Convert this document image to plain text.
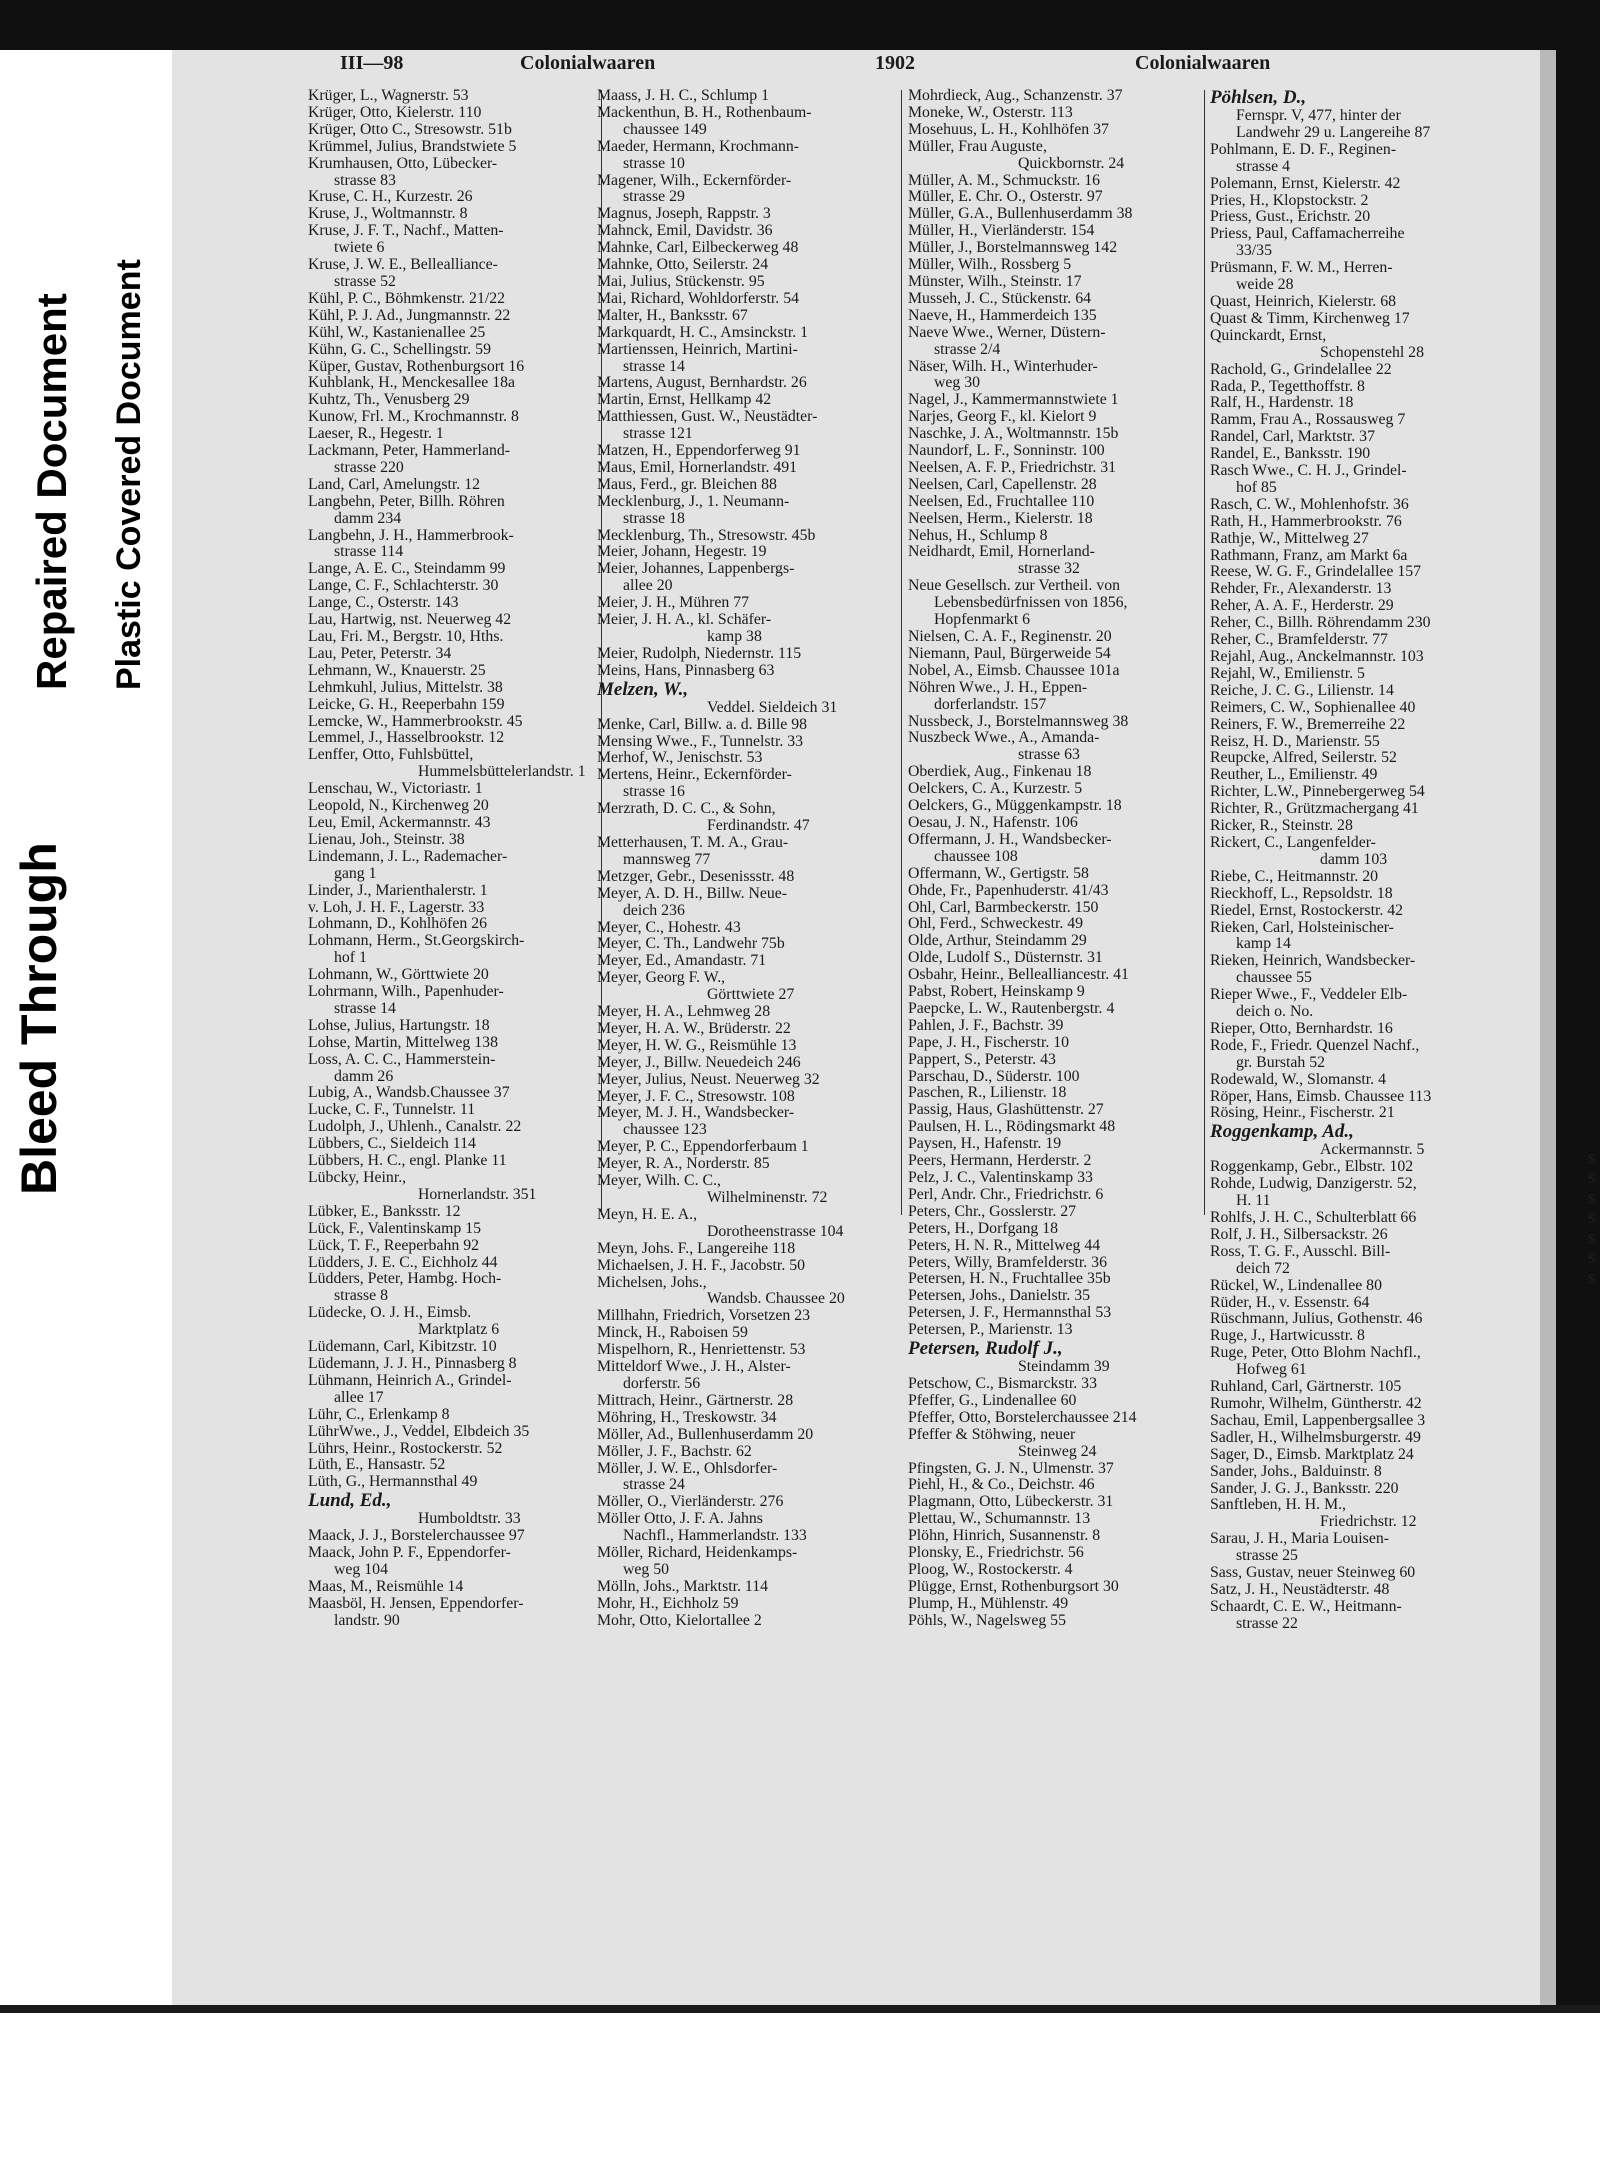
Bleed Through
Repaired Document Plastic Covered Document
III—98	Colonialwaaren	1902	Colonialwaaren
Krüger, L., Wagnerstr. 53
Krüger, Otto, Kielerstr. 110
Krüger, Otto C., Stresowstr. 51b
Krümmel, Julius, Brandstwiete 5
Krumhausen, Otto, Lübecker-
strasse 83
Kruse, C. H., Kurzestr. 26
Kruse, J., Woltmannstr. 8
Kruse, J. F. T., Nachf., Matten-
twiete 6
Kruse, J. W. E., Bellealliance-
strasse 52
Kühl, P. C., Böhmkenstr. 21/22
Kühl, P. J. Ad., Jungmannstr. 22
Kühl, W., Kastanienallee 25
Kühn, G. C., Schellingstr. 59
Küper, Gustav, Rothenburgsort 16
Kuhblank, H., Menckesallee 18a
Kuhtz, Th., Venusberg 29
Kunow, Frl. M., Krochmannstr. 8
Laeser, R., Hegestr. 1
Lackmann, Peter, Hammerland-
strasse 220
Land, Carl, Amelungstr. 12
Langbehn, Peter, Billh. Röhren
damm 234
Langbehn, J. H., Hammerbrook-
strasse 114
Lange, A. E. C., Steindamm 99
Lange, C. F., Schlachterstr. 30
Lange, C., Osterstr. 143
Lau, Hartwig, nst. Neuerweg 42
Lau, Fri. M., Bergstr. 10, Hths.
Lau, Peter, Peterstr. 34
Lehmann, W., Knauerstr. 25
Lehmkuhl, Julius, Mittelstr. 38
Leicke, G. H., Reeperbahn 159
Lemcke, W., Hammerbrookstr. 45
Lemmel, J., Hasselbrookstr. 12
Lenffer, Otto, Fuhlsbüttel,
Hummelsbüttelerlandstr. 1
Lenschau, W., Victoriastr. 1
Leopold, N., Kirchenweg 20
Leu, Emil, Ackermannstr. 43
Lienau, Joh., Steinstr. 38
Lindemann, J. L., Rademacher-
gang 1
Linder, J., Marienthalerstr. 1
v. Loh, J. H. F., Lagerstr. 33
Lohmann, D., Kohlhöfen 26
Lohmann, Herm., St.Georgskirch-
hof 1
Lohmann, W., Görttwiete 20
Lohrmann, Wilh., Papenhuder-
strasse 14
Lohse, Julius, Hartungstr. 18
Lohse, Martin, Mittelweg 138
Loss, A. C. C., Hammerstein-
damm 26
Lubig, A., Wandsb.Chaussee 37
Lucke, C. F., Tunnelstr. 11
Ludolph, J., Uhlenh., Canalstr. 22
Lübbers, C., Sieldeich 114
Lübbers, H. C., engl. Planke 11
Lübcky, Heinr.,
Hornerlandstr. 351
Lübker, E., Banksstr. 12
Lück, F., Valentinskamp 15
Lück, T. F., Reeperbahn 92
Lüdders, J. E. C., Eichholz 44
Lüdders, Peter, Hambg. Hoch-
strasse 8
Lüdecke, O. J. H., Eimsb.
Marktplatz 6
Lüdemann, Carl, Kibitzstr. 10
Lüdemann, J. J. H., Pinnasberg 8
Lühmann, Heinrich A., Grindel-
allee 17
Lühr, C., Erlenkamp 8
LührWwe., J., Veddel, Elbdeich 35
Lührs, Heinr., Rostockerstr. 52
Lüth, E., Hansastr. 52
Lüth, G., Hermannsthal 49
Lund, Ed.,
Humboldtstr. 33
Maack, J. J., Borstelerchaussee 97
Maack, John P. F., Eppendorfer-
weg 104
Maas, M., Reismühle 14
Maasböl, H. Jensen, Eppendorfer-
landstr. 90
Maass, J. H. C., Schlump 1
Mackenthun, B. H., Rothenbaum-
chaussee 149
Maeder, Hermann, Krochmann-
strasse 10
Magener, Wilh., Eckernförder-
strasse 29
Magnus, Joseph, Rappstr. 3
Mahnck, Emil, Davidstr. 36
Mahnke, Carl, Eilbeckerweg 48
Mahnke, Otto, Seilerstr. 24
Mai, Julius, Stückenstr. 95
Mai, Richard, Wohldorferstr. 54
Malter, H., Banksstr. 67
Markquardt, H. C., Amsinckstr. 1
Martienssen, Heinrich, Martini-
strasse 14
Martens, August, Bernhardstr. 26
Martin, Ernst, Hellkamp 42
Matthiessen, Gust. W., Neustädter-
strasse 121
Matzen, H., Eppendorferweg 91
Maus, Emil, Hornerlandstr. 491
Maus, Ferd., gr. Bleichen 88
Mecklenburg, J., 1. Neumann-
strasse 18
Mecklenburg, Th., Stresowstr. 45b
Meier, Johann, Hegestr. 19
Meier, Johannes, Lappenbergs-
allee 20
Meier, J. H., Mühren 77
Meier, J. H. A., kl. Schäfer-
kamp 38
Meier, Rudolph, Niedernstr. 115
Meins, Hans, Pinnasberg 63
Melzen, W.,
Veddel. Sieldeich 31
Menke, Carl, Billw. a. d. Bille 98
Mensing Wwe., F., Tunnelstr. 33
Merhof, W., Jenischstr. 53
Mertens, Heinr., Eckernförder-
strasse 16
Merzrath, D. C. C., & Sohn,
Ferdinandstr. 47
Metterhausen, T. M. A., Grau-
mannsweg 77
Metzger, Gebr., Desenissstr. 48
Meyer, A. D. H., Billw. Neue-
deich 236
Meyer, C., Hohestr. 43
Meyer, C. Th., Landwehr 75b
Meyer, Ed., Amandastr. 71
Meyer, Georg F. W.,
Görttwiete 27
Meyer, H. A., Lehmweg 28
Meyer, H. A. W., Brüderstr. 22
Meyer, H. W. G., Reismühle 13
Meyer, J., Billw. Neuedeich 246
Meyer, Julius, Neust. Neuerweg 32
Meyer, J. F. C., Stresowstr. 108
Meyer, M. J. H., Wandsbecker-
chaussee 123
Meyer, P. C., Eppendorferbaum 1
Meyer, R. A., Norderstr. 85
Meyer, Wilh. C. C.,
Wilhelminenstr. 72
Meyn, H. E. A.,
Dorotheenstrasse 104
Meyn, Johs. F., Langereihe 118
Michaelsen, J. H. F., Jacobstr. 50
Michelsen, Johs.,
Wandsb. Chaussee 20
Millhahn, Friedrich, Vorsetzen 23
Minck, H., Raboisen 59
Mispelhorn, R., Henriettenstr. 53
Mitteldorf Wwe., J. H., Alster-
dorferstr. 56
Mittrach, Heinr., Gärtnerstr. 28
Möhring, H., Treskowstr. 34
Möller, Ad., Bullenhuserdamm 20
Möller, J. F., Bachstr. 62
Möller, J. W. E., Ohlsdorfer-
strasse 24
Möller, O., Vierländerstr. 276
Möller Otto, J. F. A. Jahns
Nachfl., Hammerlandstr. 133
Möller, Richard, Heidenkamps-
weg 50
Mölln, Johs., Marktstr. 114
Mohr, H., Eichholz 59
Mohr, Otto, Kielortallee 2
Mohrdieck, Aug., Schanzenstr. 37
Moneke, W., Osterstr. 113
Mosehuus, L. H., Kohlhöfen 37
Müller, Frau Auguste,
Quickbornstr. 24
Müller, A. M., Schmuckstr. 16
Müller, E. Chr. O., Osterstr. 97
Müller, G.A., Bullenhuserdamm 38
Müller, H., Vierländerstr. 154
Müller, J., Borstelmannsweg 142
Müller, Wilh., Rossberg 5
Münster, Wilh., Steinstr. 17
Musseh, J. C., Stückenstr. 64
Naeve, H., Hammerdeich 135
Naeve Wwe., Werner, Düstern-
strasse 2/4
Näser, Wilh. H., Winterhuder-
weg 30
Nagel, J., Kammermannstwiete 1
Narjes, Georg F., kl. Kielort 9
Naschke, J. A., Woltmannstr. 15b
Naundorf, L. F., Sonninstr. 100
Neelsen, A. F. P., Friedrichstr. 31
Neelsen, Carl, Capellenstr. 28
Neelsen, Ed., Fruchtallee 110
Neelsen, Herm., Kielerstr. 18
Nehus, H., Schlump 8
Neidhardt, Emil, Hornerland-
strasse 32
Neue Gesellsch. zur Vertheil. von
Lebensbedürfnissen von 1856,
Hopfenmarkt 6
Nielsen, C. A. F., Reginenstr. 20
Niemann, Paul, Bürgerweide 54
Nobel, A., Eimsb. Chaussee 101a
Nöhren Wwe., J. H., Eppen-
dorferlandstr. 157
Nussbeck, J., Borstelmannsweg 38
Nuszbeck Wwe., A., Amanda-
strasse 63
Oberdiek, Aug., Finkenau 18
Oelckers, C. A., Kurzestr. 5
Oelckers, G., Müggenkampstr. 18
Oesau, J. N., Hafenstr. 106
Offermann, J. H., Wandsbecker-
chaussee 108
Offermann, W., Gertigstr. 58
Ohde, Fr., Papenhuderstr. 41/43
Ohl, Carl, Barmbeckerstr. 150
Ohl, Ferd., Schweckestr. 49
Olde, Arthur, Steindamm 29
Olde, Ludolf S., Düsternstr. 31
Osbahr, Heinr., Bellealliancestr. 41
Pabst, Robert, Heinskamp 9
Paepcke, L. W., Rautenbergstr. 4
Pahlen, J. F., Bachstr. 39
Pape, J. H., Fischerstr. 10
Pappert, S., Peterstr. 43
Parschau, D., Süderstr. 100
Paschen, R., Lilienstr. 18
Passig, Haus, Glashüttenstr. 27
Paulsen, H. L., Rödingsmarkt 48
Paysen, H., Hafenstr. 19
Peers, Hermann, Herderstr. 2
Pelz, J. C., Valentinskamp 33
Perl, Andr. Chr., Friedrichstr. 6
Peters, Chr., Gosslerstr. 27
Peters, H., Dorfgang 18
Peters, H. N. R., Mittelweg 44
Peters, Willy, Bramfelderstr. 36
Petersen, H. N., Fruchtallee 35b
Petersen, Johs., Danielstr. 35
Petersen, J. F., Hermannsthal 53
Petersen, P., Marienstr. 13
Petersen, Rudolf J.,
Steindamm 39
Petschow, C., Bismarckstr. 33
Pfeffer, G., Lindenallee 60
Pfeffer, Otto, Borstelerchaussee 214
Pfeffer & Stöhwing, neuer
Steinweg 24
Pfingsten, G. J. N., Ulmenstr. 37
Piehl, H., & Co., Deichstr. 46
Plagmann, Otto, Lübeckerstr. 31
Plettau, W., Schumannstr. 13
Plöhn, Hinrich, Susannenstr. 8
Plonsky, E., Friedrichstr. 56
Ploog, W., Rostockerstr. 4
Plügge, Ernst, Rothenburgsort 30
Plump, H., Mühlenstr. 49
Pöhls, W., Nagelsweg 55
Pöhlsen, D.,
Fernspr. V, 477, hinter der
Landwehr 29 u. Langereihe 87
Pohlmann, E. D. F., Reginen-
strasse 4
Polemann, Ernst, Kielerstr. 42
Pries, H., Klopstockstr. 2
Priess, Gust., Erichstr. 20
Priess, Paul, Caffamacherreihe
33/35
Prüsmann, F. W. M., Herren-
weide 28
Quast, Heinrich, Kielerstr. 68
Quast & Timm, Kirchenweg 17
Quinckardt, Ernst,
Schopenstehl 28
Rachold, G., Grindelallee 22
Rada, P., Tegetthoffstr. 8
Ralf, H., Hardenstr. 18
Ramm, Frau A., Rossausweg 7
Randel, Carl, Marktstr. 37
Randel, E., Banksstr. 190
Rasch Wwe., C. H. J., Grindel-
hof 85
Rasch, C. W., Mohlenhofstr. 36
Rath, H., Hammerbrookstr. 76
Rathje, W., Mittelweg 27
Rathmann, Franz, am Markt 6a
Reese, W. G. F., Grindelallee 157
Rehder, Fr., Alexanderstr. 13
Reher, A. A. F., Herderstr. 29
Reher, C., Billh. Röhrendamm 230
Reher, C., Bramfelderstr. 77
Rejahl, Aug., Anckelmannstr. 103
Rejahl, W., Emilienstr. 5
Reiche, J. C. G., Lilienstr. 14
Reimers, C. W., Sophienallee 40
Reiners, F. W., Bremerreihe 22
Reisz, H. D., Marienstr. 55
Reupcke, Alfred, Seilerstr. 52
Reuther, L., Emilienstr. 49
Richter, L.W., Pinnebergerweg 54
Richter, R., Grützmachergang 41
Ricker, R., Steinstr. 28
Rickert, C., Langenfelder-
damm 103
Riebe, C., Heitmannstr. 20
Rieckhoff, L., Repsoldstr. 18
Riedel, Ernst, Rostockerstr. 42
Rieken, Carl, Holsteinischer-
kamp 14
Rieken, Heinrich, Wandsbecker-
chaussee 55
Rieper Wwe., F., Veddeler Elb-
deich o. No.
Rieper, Otto, Bernhardstr. 16
Rode, F., Friedr. Quenzel Nachf.,
gr. Burstah 52
Rodewald, W., Slomanstr. 4
Röper, Hans, Eimsb. Chaussee 113
Rösing, Heinr., Fischerstr. 21
Roggenkamp, Ad.,
Ackermannstr. 5
Roggenkamp, Gebr., Elbstr. 102
Rohde, Ludwig, Danzigerstr. 52,
H. 11
Rohlfs, J. H. C., Schulterblatt 66
Rolf, J. H., Silbersackstr. 26
Ross, T. G. F., Ausschl. Bill-
deich 72
Rückel, W., Lindenallee 80
Rüder, H., v. Essenstr. 64
Rüschmann, Julius, Gothenstr. 46
Ruge, J., Hartwicusstr. 8
Ruge, Peter, Otto Blohm Nachfl.,
Hofweg 61
Ruhland, Carl, Gärtnerstr. 105
Rumohr, Wilhelm, Güntherstr. 42
Sachau, Emil, Lappenbergsallee 3
Sadler, H., Wilhelmsburgerstr. 49
Sager, D., Eimsb. Marktplatz 24
Sander, Johs., Balduinstr. 8
Sander, J. G. J., Banksstr. 220
Sanftleben, H. H. M.,
Friedrichstr. 12
Sarau, J. H., Maria Louisen-
strasse 25
Sass, Gustav, neuer Steinweg 60
Satz, J. H., Neustädterstr. 48
Schaardt, C. E. W., Heitmann-
strasse 22
S
S
S
S
S
S
S
